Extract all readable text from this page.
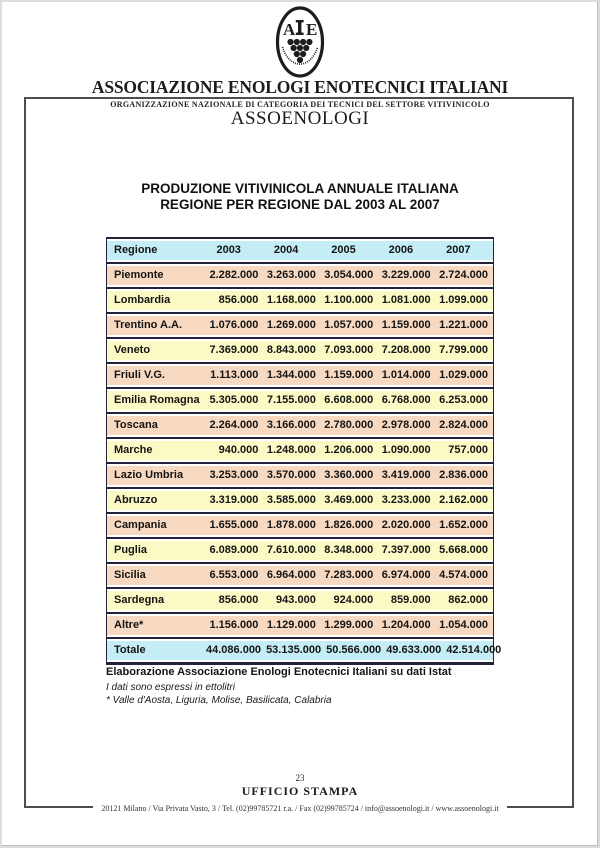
A E
ASSOCIAZIONE ENOLOGI ENOTECNICI ITALIANI
ORGANIZZAZIONE NAZIONALE DI CATEGORIA DEI TECNICI DEL SETTORE VITIVINICOLO
ASSOENOLOGI
PRODUZIONE VITIVINICOLA ANNUALE ITALIANA
REGIONE PER REGIONE DAL 2003 AL 2007
Regione	2003	2004	2005	2006	2007
Piemonte	2.282.000 3.263.000 3.054.000 3.229.000 2.724.000
Lombardia	856.000 1.168.000 1.100.000 1.081.000 1.099.000
Trentino A.A.	1.076.000 1.269.000 1.057.000 1.159.000 1.221.000
Veneto	7.369.000 8.843.000 7.093.000 7.208.000 7.799.000
Friuli V.G.	1.113.000 1.344.000 1.159.000 1.014.000 1.029.000
Emilia Romagna 5.305.000 7.155.000 6.608.000 6.768.000 6.253.000
Toscana	2.264.000 3.166.000 2.780.000 2.978.000 2.824.000
Marche	940.000 1.248.000 1.206.000 1.090.000	757.000
Lazio Umbria	3.253.000 3.570.000 3.360.000 3.419.000 2.836.000
Abruzzo	3.319.000 3.585.000 3.469.000 3.233.000 2.162.000
Campania	1.655.000 1.878.000 1.826.000 2.020.000 1.652.000
Puglia	6.089.000 7.610.000 8.348.000 7.397.000 5.668.000
Sicilia	6.553.000 6.964.000 7.283.000 6.974.000 4.574.000
Sardegna	856.000	943.000	924.000	859.000	862.000
Altre*	1.156.000 1.129.000 1.299.000 1.204.000 1.054.000
Totale	44.086.000 53.135.000 50.566.000 49.633.000 42.514.000
Elaborazione Associazione Enologi Enotecnici Italiani su dati Istat
I dati sono espressi in ettolitri
* Valle d'Aosta, Liguria, Molise, Basilicata, Calabria
23
UFFICIO STAMPA
20121 Milano / Via Privata Vasto, 3 / Tel. (02)99785721 r.a. / Fax (02)99785724 / info@assoenologi.it / www.assoenologi.it
